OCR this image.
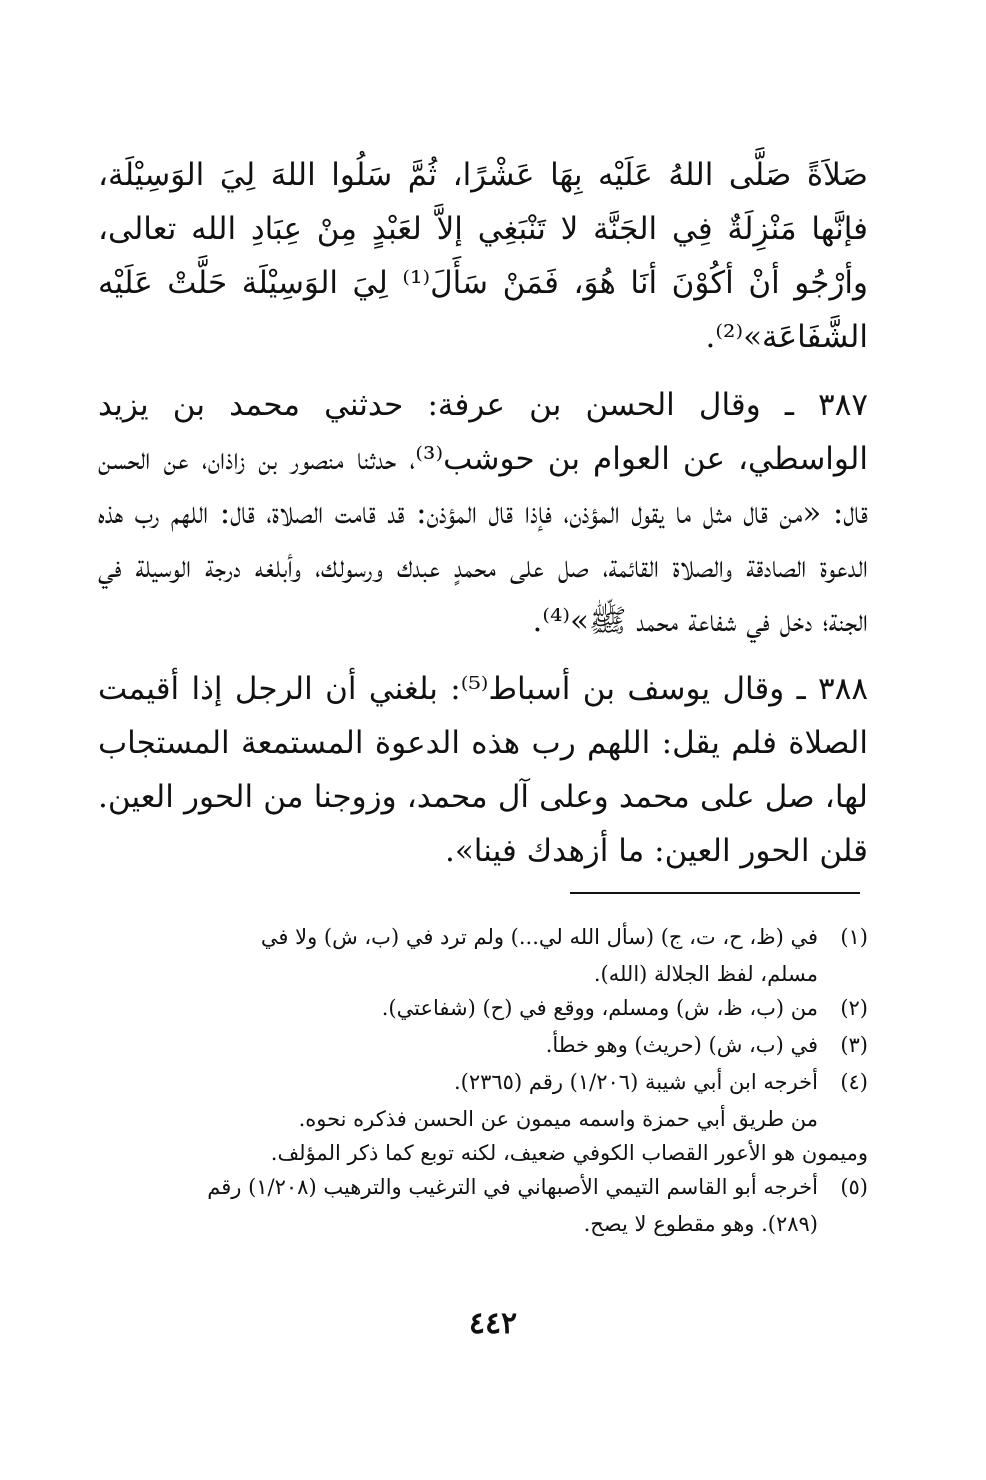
صَلاَةً صَلَّى اللهُ عَلَيْه بِهَا عَشْرًا، ثُمَّ سَلُوا اللهَ لِيَ الوَسِيْلَة، فإنَّها مَنْزِلَةٌ فِي الجَنَّة لا تَنْبَغِي إلاَّ لعَبْدٍ مِنْ عِبَادِ الله تعالى، وأرْجُو أنْ أكُوْنَ أنَا هُوَ، فَمَنْ سَأَلَ⁽¹⁾ لِيَ الوَسِيْلَة حَلَّتْ عَلَيْه الشَّفَاعَة»⁽²⁾.

٣٨٧ ـ وقال الحسن بن عرفة: حدثني محمد بن يزيد الواسطي، عن العوام بن حوشب⁽³⁾، حدثنا منصور بن زاذان، عن الحسن قال: «من قال مثل ما يقول المؤذن، فإذا قال المؤذن: قد قامت الصلاة، قال: اللهم رب هذه الدعوة الصادقة والصلاة القائمة، صل على محمدٍ عبدك ورسولك، وأبلغه درجة الوسيلة في الجنة؛ دخل في شفاعة محمد ﷺ»⁽⁴⁾.

٣٨٨ ـ وقال يوسف بن أسباط⁽⁵⁾: بلغني أن الرجل إذا أقيمت الصلاة فلم يقل: اللهم رب هذه الدعوة المستمعة المستجاب لها، صل على محمد وعلى آل محمد، وزوجنا من الحور العين. قلن الحور العين: ما أزهدك فينا».

(١)
في (ظ، ح، ت، ج) (سأل الله لي...) ولم ترد في (ب، ش) ولا في
مسلم، لفظ الجلالة (الله).
(٢)
من (ب، ظ، ش) ومسلم، ووقع في (ح) (شفاعتي).
(٣)
في (ب، ش) (حريث) وهو خطأ.
(٤)
أخرجه ابن أبي شيبة (١/٢٠٦) رقم (٢٣٦٥).
من طريق أبي حمزة واسمه ميمون عن الحسن فذكره نحوه.
وميمون هو الأعور القصاب الكوفي ضعيف، لكنه توبع كما ذكر المؤلف.
(٥)
أخرجه أبو القاسم التيمي الأصبهاني في الترغيب والترهيب (١/٢٠٨) رقم
(٢٨٩). وهو مقطوع لا يصح.
٤٤٢
